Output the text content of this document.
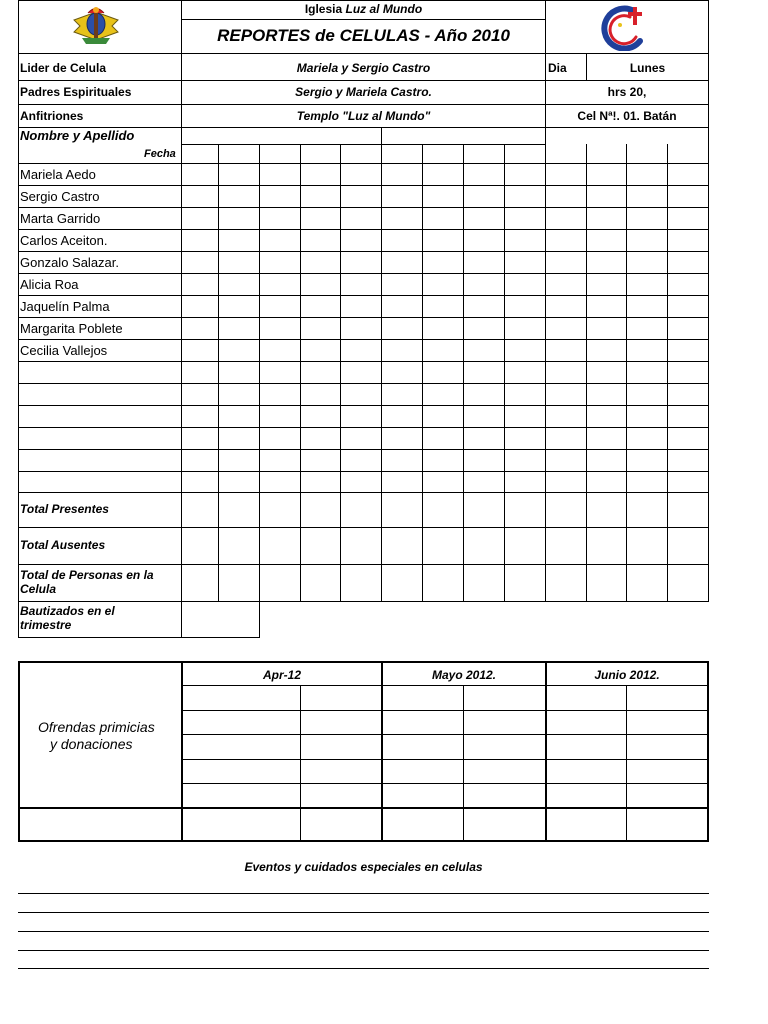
Iglesia Luz al Mundo
REPORTES de CELULAS - Año 2010
Lider de Celula	Mariela y Sergio Castro	Dia	Lunes
Padres Espirituales	Sergio y Mariela Castro.	hrs 20,
Anfitriones	Templo "Luz al Mundo"	Cel Nª!. 01. Batán
Nombre y Apellido
Fecha
Mariela Aedo
Sergio Castro
Marta Garrido
Carlos Aceiton.
Gonzalo Salazar.
Alicia Roa
Jaquelín Palma
Margarita Poblete
Cecilia Vallejos
Total Presentes
Total Ausentes
Total de Personas en la
Celula
Bautizados en el
trimestre
Apr-12	Mayo 2012.	Junio 2012.
Ofrendas primicias
y donaciones
Eventos y cuidados especiales en celulas
